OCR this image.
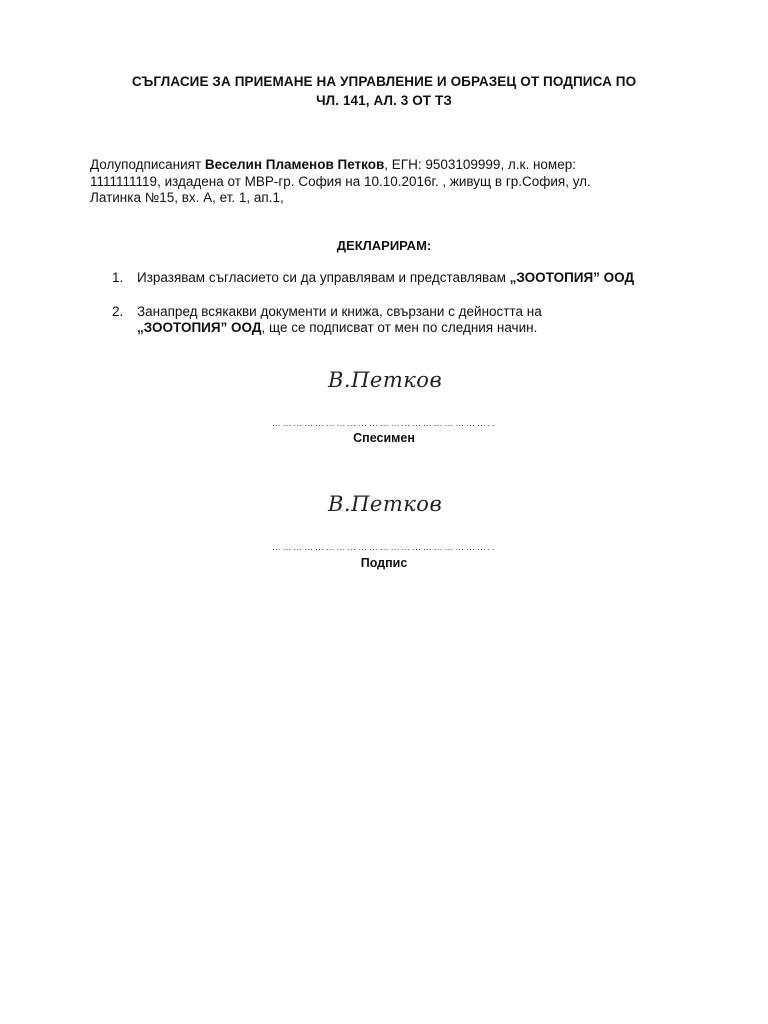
СЪГЛАСИЕ ЗА ПРИЕМАНЕ НА УПРАВЛЕНИЕ И ОБРАЗЕЦ ОТ ПОДПИСА ПО
ЧЛ. 141, АЛ. 3 ОТ ТЗ
Долуподписаният Веселин Пламенов Петков, ЕГН: 9503109999, л.к. номер:
1111111119, издадена от МВР-гр. София на 10.10.2016г. , живущ в гр.София, ул.
Латинка №15, вх. А, ет. 1, ап.1,
ДЕКЛАРИРАМ:
1. Изразявам съгласието си да управлявам и представлявам „ЗООТОПИЯ” ООД
2. Занапред всякакви документи и книжа, свързани с дейността на
„ЗООТОПИЯ” ООД, ще се подписват от мен по следния начин.
В.Петков
……………………………………………………..
Спесимен
В.Петков
……………………………………………………..
Подпис
